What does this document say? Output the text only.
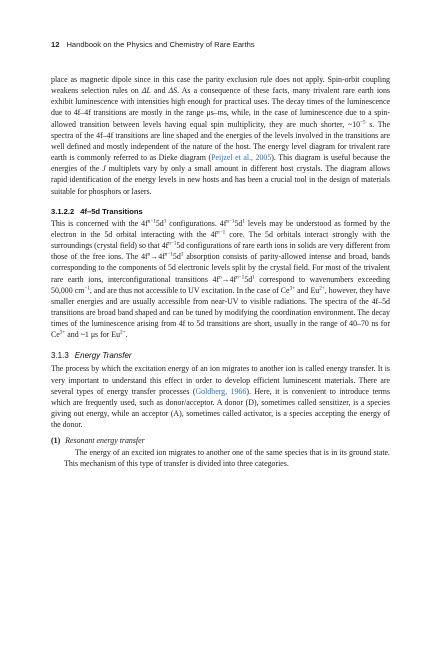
12 Handbook on the Physics and Chemistry of Rare Earths

place as magnetic dipole since in this case the parity exclusion rule does not apply. Spin-orbit coupling weakens selection rules on ΔL and ΔS. As a consequence of these facts, many trivalent rare earth ions exhibit luminescence with intensities high enough for practical uses. The decay times of the luminescence due to 4f–4f transitions are mostly in the range μs–ms, while, in the case of luminescence due to a spin-allowed transition between levels having equal spin multiplicity, they are much shorter, $\sim 10^{-5}$ s. The spectra of the 4f–4f transitions are line shaped and the energies of the levels involved in the transitions are well defined and mostly independent of the nature of the host. The energy level diagram for trivalent rare earth is commonly referred to as Dieke diagram (Peijzel et al., 2005). This diagram is useful because the energies of the J multiplets vary by only a small amount in different host crystals. The diagram allows rapid identification of the energy levels in new hosts and has been a crucial tool in the design of materials suitable for phosphors or lasers.

3.1.2.2 4f–5d Transitions

This is concerned with the $4f^{n-1}5d^1$ configurations. $4f^{n-1}5d^1$ levels may be understood as formed by the electron in the 5d orbital interacting with the $4f^{n-1}$ core. The 5d orbitals interact strongly with the surroundings (crystal field) so that $4f^{n-1}5d$ configurations of rare earth ions in solids are very different from those of the free ions. The $4f^n\to 4f^{n-1}5d^1$ absorption consists of parity-allowed intense and broad, bands corresponding to the components of 5d electronic levels split by the crystal field. For most of the trivalent rare earth ions, interconfigurational transitions $4f^n\to 4f^{n-1}5d^1$ correspond to wavenumbers exceeding 50,000 $cm^{-1}$, and are thus not accessible to UV excitation. In the case of $Ce^{3+}$ and $Eu^{2+}$, however, they have smaller energies and are usually accessible from near-UV to visible radiations. The spectra of the 4f–5d transitions are broad band shaped and can be tuned by modifying the coordination environment. The decay times of the luminescence arising from 4f to 5d transitions are short, usually in the range of 40–70 ns for $Ce^{3+}$ and ~1 μs for $Eu^{2+}$.

3.1.3 Energy Transfer

The process by which the excitation energy of an ion migrates to another ion is called energy transfer. It is very important to understand this effect in order to develop efficient luminescent materials. There are several types of energy transfer processes (Goldberg, 1966). Here, it is convenient to introduce terms which are frequently used, such as donor/acceptor. A donor (D), sometimes called sensitizer, is a species giving out energy, while an acceptor (A), sometimes called activator, is a species accepting the energy of the donor.

(1) Resonant energy transfer

The energy of an excited ion migrates to another one of the same species that is in its ground state. This mechanism of this type of transfer is divided into three categories.
